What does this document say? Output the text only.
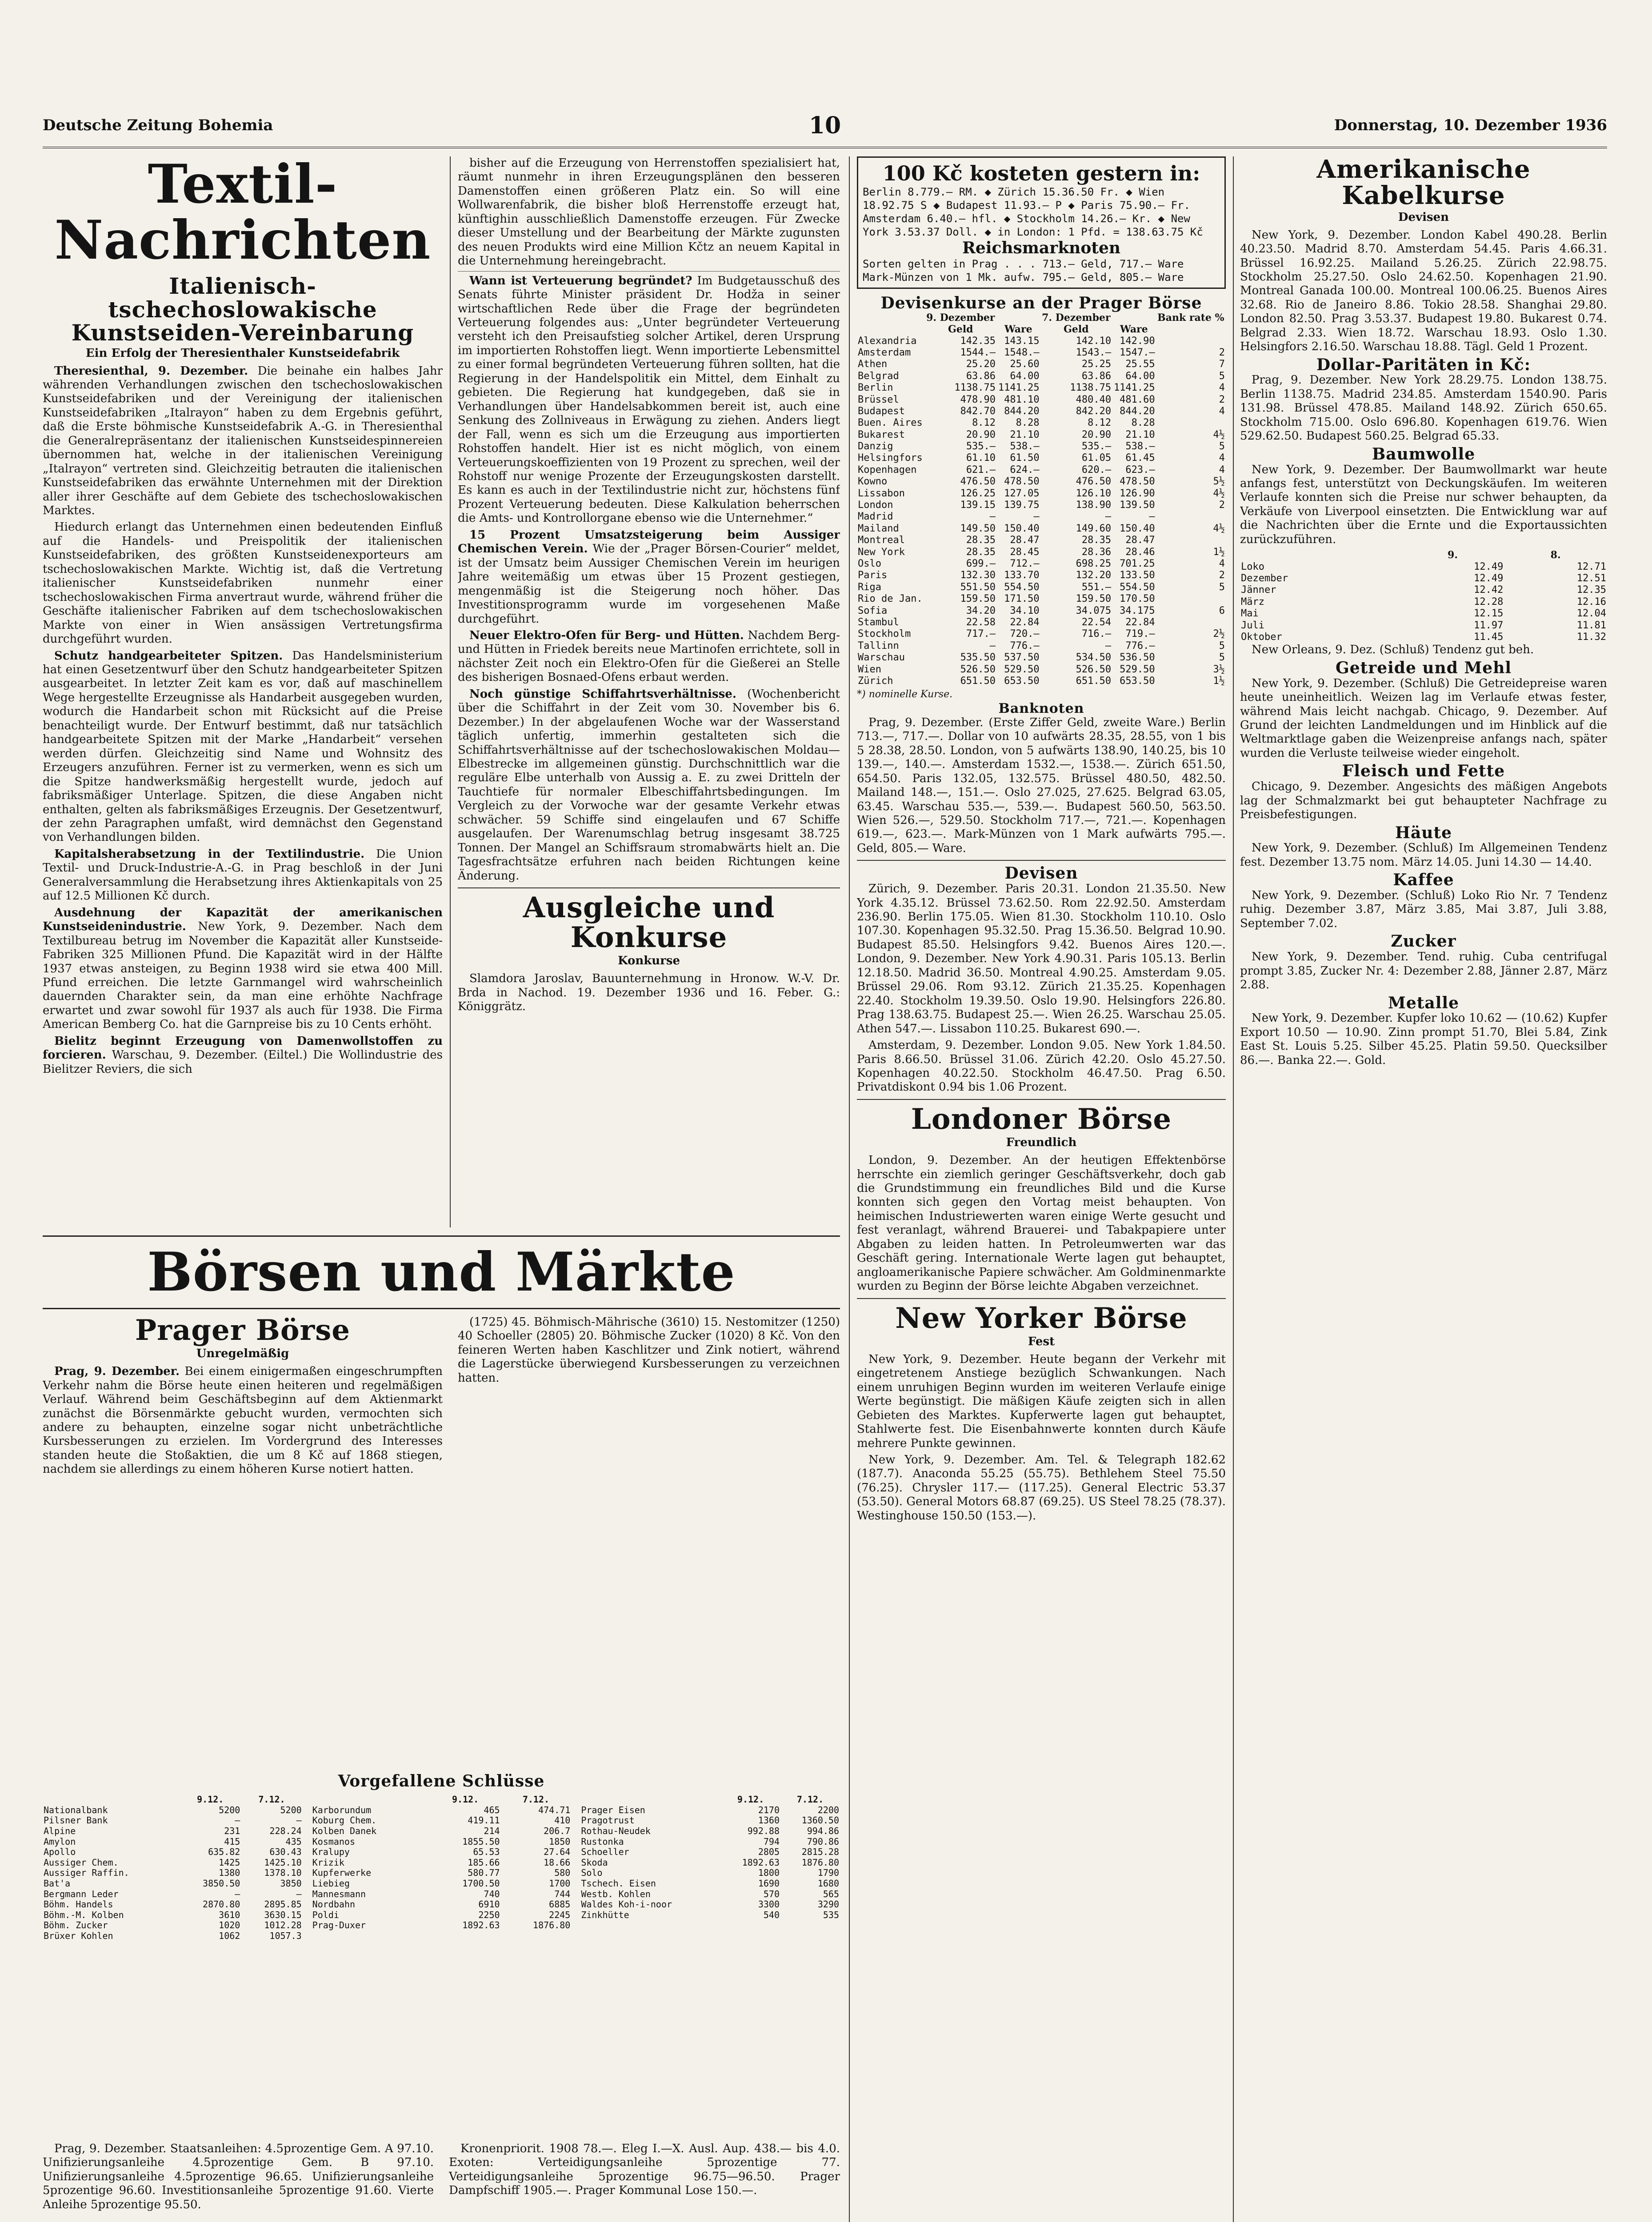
Deutsche Zeitung Bohemia	10	Donnerstag, 10. Dezember 1936
Textil-Nachrichten
Italienisch-tschechoslowakische Kunstseiden-Vereinbarung
Ein Erfolg der Theresienthaler Kunstseidefabrik

Theresienthal, 9. Dezember. Die beinahe ein halbes Jahr währenden Verhandlungen zwischen den tschechoslowakischen Kunstseidefabriken und der Vereinigung der italienischen Kunstseidefabriken „Italrayon“ haben zu dem Ergebnis geführt, daß die Erste böhmische Kunstseidefabrik A.-G. in Theresienthal die Generalrepräsentanz der italienischen Kunstseidespinnereien übernommen hat, welche in der italienischen Vereinigung „Italrayon“ vertreten sind. Gleichzeitig betrauten die italienischen Kunstseidefabriken das erwähnte Unternehmen mit der Direktion aller ihrer Geschäfte auf dem Gebiete des tschechoslowakischen Marktes.

Hiedurch erlangt das Unternehmen einen bedeutenden Einfluß auf die Handels- und Preispolitik der italienischen Kunstseidefabriken, des größten Kunstseidenexporteurs am tschechoslowakischen Markte. Wichtig ist, daß die Vertretung italienischer Kunstseidefabriken nunmehr einer tschechoslowakischen Firma anvertraut wurde, während früher die Geschäfte italienischer Fabriken auf dem tschechoslowakischen Markte von einer in Wien ansässigen Vertretungsfirma durchgeführt wurden.

Schutz handgearbeiteter Spitzen. Das Handelsministerium hat einen Gesetzentwurf über den Schutz handgearbeiteter Spitzen ausgearbeitet. In letzter Zeit kam es vor, daß auf maschinellem Wege hergestellte Erzeugnisse als Handarbeit ausgegeben wurden, wodurch die Handarbeit schon mit Rücksicht auf die Preise benachteiligt wurde. Der Entwurf bestimmt, daß nur tatsächlich handgearbeitete Spitzen mit der Marke „Handarbeit“ versehen werden dürfen. Gleichzeitig sind Name und Wohnsitz des Erzeugers anzuführen. Ferner ist zu vermerken, wenn es sich um die Spitze handwerksmäßig hergestellt wurde, jedoch auf fabriksmäßiger Unterlage. Spitzen, die diese Angaben nicht enthalten, gelten als fabriksmäßiges Erzeugnis. Der Gesetzentwurf, der zehn Paragraphen umfaßt, wird demnächst den Gegenstand von Verhandlungen bilden.

Kapitalsherabsetzung in der Textilindustrie. Die Union Textil- und Druck-Industrie-A.-G. in Prag beschloß in der Juni Generalversammlung die Herabsetzung ihres Aktienkapitals von 25 auf 12.5 Millionen Kč durch.

Ausdehnung der Kapazität der amerikanischen Kunstseidenindustrie. New York, 9. Dezember. Nach dem Textilbureau betrug im November die Kapazität aller Kunstseide-Fabriken 325 Millionen Pfund. Die Kapazität wird in der Hälfte 1937 etwas ansteigen, zu Beginn 1938 wird sie etwa 400 Mill. Pfund erreichen. Die letzte Garnmangel wird wahrscheinlich dauernden Charakter sein, da man eine erhöhte Nachfrage erwartet und zwar sowohl für 1937 als auch für 1938. Die Firma American Bemberg Co. hat die Garnpreise bis zu 10 Cents erhöht.

Bielitz beginnt Erzeugung von Damenwollstoffen zu forcieren. Warschau, 9. Dezember. (Eiltel.) Die Wollindustrie des Bielitzer Reviers, die sich

bisher auf die Erzeugung von Herrenstoffen spezialisiert hat, räumt nunmehr in ihren Erzeugungsplänen den besseren Damenstoffen einen größeren Platz ein. So will eine Wollwarenfabrik, die bisher bloß Herrenstoffe erzeugt hat, künftighin ausschließlich Damenstoffe erzeugen. Für Zwecke dieser Umstellung und der Bearbeitung der Märkte zugunsten des neuen Produkts wird eine Million Kčtz an neuem Kapital in die Unternehmung hereingebracht.

Wann ist Verteuerung begründet? Im Budgetausschuß des Senats führte Minister präsident Dr. Hodža in seiner wirtschaftlichen Rede über die Frage der begründeten Verteuerung folgendes aus: „Unter begründeter Verteuerung versteht ich den Preisaufstieg solcher Artikel, deren Ursprung im importierten Rohstoffen liegt. Wenn importierte Lebensmittel zu einer formal begründeten Verteuerung führen sollten, hat die Regierung in der Handelspolitik ein Mittel, dem Einhalt zu gebieten. Die Regierung hat kundgegeben, daß sie in Verhandlungen über Handelsabkommen bereit ist, auch eine Senkung des Zollniveaus in Erwägung zu ziehen. Anders liegt der Fall, wenn es sich um die Erzeugung aus importierten Rohstoffen handelt. Hier ist es nicht möglich, von einem Verteuerungskoeffizienten von 19 Prozent zu sprechen, weil der Rohstoff nur wenige Prozente der Erzeugungskosten darstellt. Es kann es auch in der Textilindustrie nicht zur, höchstens fünf Prozent Verteuerung bedeuten. Diese Kalkulation beherrschen die Amts- und Kontrollorgane ebenso wie die Unternehmer.“

15 Prozent Umsatzsteigerung beim Aussiger Chemischen Verein. Wie der „Prager Börsen-Courier“ meldet, ist der Umsatz beim Aussiger Chemischen Verein im heurigen Jahre weitemäßig um etwas über 15 Prozent gestiegen, mengenmäßig ist die Steigerung noch höher. Das Investitionsprogramm wurde im vorgesehenen Maße durchgeführt.

Neuer Elektro-Ofen für Berg- und Hütten. Nachdem Berg- und Hütten in Friedek bereits neue Martinofen errichtete, soll in nächster Zeit noch ein Elektro-Ofen für die Gießerei an Stelle des bisherigen Bosnaed-Ofens erbaut werden.

Noch günstige Schiffahrtsverhältnisse. (Wochenbericht über die Schiffahrt in der Zeit vom 30. November bis 6. Dezember.) In der abgelaufenen Woche war der Wasserstand täglich unfertig, immerhin gestalteten sich die Schiffahrtsverhältnisse auf der tschechoslowakischen Moldau—Elbestrecke im allgemeinen günstig. Durchschnittlich war die reguläre Elbe unterhalb von Aussig a. E. zu zwei Dritteln der Tauchtiefe für normaler Elbeschiffahrtsbedingungen. Im Vergleich zu der Vorwoche war der gesamte Verkehr etwas schwächer. 59 Schiffe sind eingelaufen und 67 Schiffe ausgelaufen. Der Warenumschlag betrug insgesamt 38.725 Tonnen. Der Mangel an Schiffsraum stromabwärts hielt an. Die Tagesfrachtsätze erfuhren nach beiden Richtungen keine Änderung.

Ausgleiche und Konkurse
Konkurse

Slamdora Jaroslav, Bauunternehmung in Hronow. W.-V. Dr. Brda in Nachod. 19. Dezember 1936 und 16. Feber. G.: Königgrätz.

Börsen und Märkte
Prager Börse
Unregelmäßig

Prag, 9. Dezember. Bei einem einigermaßen eingeschrumpften Verkehr nahm die Börse heute einen heiteren und regelmäßigen Verlauf. Während beim Geschäftsbeginn auf dem Aktienmarkt zunächst die Börsenmärkte gebucht wurden, vermochten sich andere zu behaupten, einzelne sogar nicht unbeträchtliche Kursbesserungen zu erzielen. Im Vordergrund des Interesses standen heute die Stoßaktien, die um 8 Kč auf 1868 stiegen, nachdem sie allerdings zu einem höheren Kurse notiert hatten.

(1725) 45. Böhmisch-Mährische (3610) 15. Nestomitzer (1250) 40 Schoeller (2805) 20. Böhmische Zucker (1020) 8 Kč. Von den feineren Werten haben Kaschlitzer und Zink notiert, während die Lagerstücke überwiegend Kursbesserungen zu verzeichnen hatten.

Vorgefallene Schlüsse
	9.12.	7.12.
Nationalbank	5200	5200
Pilsner Bank	—	—
Alpine	231	228.24
Amylon	415	435
Apollo	635.82	630.43
Aussiger Chem.	1425	1425.10
Aussiger Raffin.	1380	1378.10
Bat'a	3850.50	3850
Bergmann Leder	—	—
Böhm. Handels	2870.80	2895.85
Böhm.-M. Kolben	3610	3630.15
Böhm. Zucker	1020	1012.28
Brüxer Kohlen	1062	1057.3
	9.12.	7.12.
Karborundum	465	474.71
Koburg Chem.	419.11	410
Kolben Danek	214	206.7
Kosmanos	1855.50	1850
Kralupy	65.53	27.64
Krizik	185.66	18.66
Kupferwerke	580.77	580
Liebieg	1700.50	1700
Mannesmann	740	744
Nordbahn	6910	6885
Poldi	2250	2245
Prag-Duxer	1892.63	1876.80
	9.12.	7.12.
Prager Eisen	2170	2200
Pragotrust	1360	1360.50
Rothau-Neudek	992.88	994.86
Rustonka	794	790.86
Schoeller	2805	2815.28
Skoda	1892.63	1876.80
Solo	1800	1790
Tschech. Eisen	1690	1680
Westb. Kohlen	570	565
Waldes Koh-i-noor	3300	3290
Zinkhütte	540	535

Prag, 9. Dezember. Staatsanleihen: 4.5prozentige Gem. A 97.10. Unifizierungsanleihe 4.5prozentige Gem. B 97.10. Unifizierungsanleihe 4.5prozentige 96.65. Unifizierungsanleihe 5prozentige 96.60. Investitionsanleihe 5prozentige 91.60. Vierte Anleihe 5prozentige 95.50.

Kronenpriorit. 1908 78.—. Eleg I.—X. Ausl. Aup. 438.— bis 4.0. Exoten: Verteidigungsanleihe 5prozentige 77. Verteidigungsanleihe 5prozentige 96.75—96.50. Prager Dampfschiff 1905.—. Prager Kommunal Lose 150.—.

100 Kč kosteten gestern in:
Berlin 8.779.— RM. ◆ Zürich 15.36.50 Fr. ◆ Wien
18.92.75 S ◆ Budapest 11.93.— P ◆ Paris 75.90.— Fr.
Amsterdam 6.40.— hfl. ◆ Stockholm 14.26.— Kr. ◆ New
York 3.53.37 Doll. ◆ in London: 1 Pfd. = 138.63.75 Kč
Reichsmarknoten
Sorten gelten in Prag . . . 713.— Geld, 717.— Ware
Mark-Münzen von 1 Mk. aufw. 795.— Geld, 805.— Ware
Devisenkurse an der Prager Börse
	9. Dezember		7. Dezember		Bank rate %
	Geld	Ware	Geld	Ware	
Alexandria	142.35	143.15	142.10	142.90	
Amsterdam	1544.—	1548.—	1543.—	1547.—	2
Athen	25.20	25.60	25.25	25.55	7
Belgrad	63.86	64.00	63.86	64.00	5
Berlin	1138.75	1141.25	1138.75	1141.25	4
Brüssel	478.90	481.10	480.40	481.60	2
Budapest	842.70	844.20	842.20	844.20	4
Buen. Aires	8.12	8.28	8.12	8.28	
Bukarest	20.90	21.10	20.90	21.10	4½
Danzig	535.—	538.—	535.—	538.—	5
Helsingfors	61.10	61.50	61.05	61.45	4
Kopenhagen	621.—	624.—	620.—	623.—	4
Kowno	476.50	478.50	476.50	478.50	5½
Lissabon	126.25	127.05	126.10	126.90	4½
London	139.15	139.75	138.90	139.50	2
Madrid	—	—	—	—	
Mailand	149.50	150.40	149.60	150.40	4½
Montreal	28.35	28.47	28.35	28.47	
New York	28.35	28.45	28.36	28.46	1½
Oslo	699.—	712.—	698.25	701.25	4
Paris	132.30	133.70	132.20	133.50	2
Riga	551.50	554.50	551.—	554.50	5
Rio de Jan.	159.50	171.50	159.50	170.50	
Sofia	34.20	34.10	34.075	34.175	6
Stambul	22.58	22.84	22.54	22.84	
Stockholm	717.—	720.—	716.—	719.—	2½
Tallinn	—	776.—	—	776.—	5
Warschau	535.50	537.50	534.50	536.50	5
Wien	526.50	529.50	526.50	529.50	3½
Zürich	651.50	653.50	651.50	653.50	1½
*) nominelle Kurse.
Banknoten

Prag, 9. Dezember. (Erste Ziffer Geld, zweite Ware.) Berlin 713.—, 717.—. Dollar von 10 aufwärts 28.35, 28.55, von 1 bis 5 28.38, 28.50. London, von 5 aufwärts 138.90, 140.25, bis 10 139.—, 140.—. Amsterdam 1532.—, 1538.—. Zürich 651.50, 654.50. Paris 132.05, 132.575. Brüssel 480.50, 482.50. Mailand 148.—, 151.—. Oslo 27.025, 27.625. Belgrad 63.05, 63.45. Warschau 535.—, 539.—. Budapest 560.50, 563.50. Wien 526.—, 529.50. Stockholm 717.—, 721.—. Kopenhagen 619.—, 623.—. Mark-Münzen von 1 Mark aufwärts 795.—. Geld, 805.— Ware.

Devisen

Zürich, 9. Dezember. Paris 20.31. London 21.35.50. New York 4.35.12. Brüssel 73.62.50. Rom 22.92.50. Amsterdam 236.90. Berlin 175.05. Wien 81.30. Stockholm 110.10. Oslo 107.30. Kopenhagen 95.32.50. Prag 15.36.50. Belgrad 10.90. Budapest 85.50. Helsingfors 9.42. Buenos Aires 120.—. London, 9. Dezember. New York 4.90.31. Paris 105.13. Berlin 12.18.50. Madrid 36.50. Montreal 4.90.25. Amsterdam 9.05. Brüssel 29.06. Rom 93.12. Zürich 21.35.25. Kopenhagen 22.40. Stockholm 19.39.50. Oslo 19.90. Helsingfors 226.80. Prag 138.63.75. Budapest 25.—. Wien 26.25. Warschau 25.05. Athen 547.—. Lissabon 110.25. Bukarest 690.—.

Amsterdam, 9. Dezember. London 9.05. New York 1.84.50. Paris 8.66.50. Brüssel 31.06. Zürich 42.20. Oslo 45.27.50. Kopenhagen 40.22.50. Stockholm 46.47.50. Prag 6.50. Privatdiskont 0.94 bis 1.06 Prozent.

Londoner Börse
Freundlich

London, 9. Dezember. An der heutigen Effektenbörse herrschte ein ziemlich geringer Geschäftsverkehr, doch gab die Grundstimmung ein freundliches Bild und die Kurse konnten sich gegen den Vortag meist behaupten. Von heimischen Industriewerten waren einige Werte gesucht und fest veranlagt, während Brauerei- und Tabakpapiere unter Abgaben zu leiden hatten. In Petroleumwerten war das Geschäft gering. Internationale Werte lagen gut behauptet, angloamerikanische Papiere schwächer. Am Goldminenmarkte wurden zu Beginn der Börse leichte Abgaben verzeichnet.

New Yorker Börse
Fest

New York, 9. Dezember. Heute begann der Verkehr mit eingetretenem Anstiege bezüglich Schwankungen. Nach einem unruhigen Beginn wurden im weiteren Verlaufe einige Werte begünstigt. Die mäßigen Käufe zeigten sich in allen Gebieten des Marktes. Kupferwerte lagen gut behauptet, Stahlwerte fest. Die Eisenbahnwerte konnten durch Käufe mehrere Punkte gewinnen.

New York, 9. Dezember. Am. Tel. & Telegraph 182.62 (187.7). Anaconda 55.25 (55.75). Bethlehem Steel 75.50 (76.25). Chrysler 117.— (117.25). General Electric 53.37 (53.50). General Motors 68.87 (69.25). US Steel 78.25 (78.37). Westinghouse 150.50 (153.—).

Amerikanische Kabelkurse
Devisen

New York, 9. Dezember. London Kabel 490.28. Berlin 40.23.50. Madrid 8.70. Amsterdam 54.45. Paris 4.66.31. Brüssel 16.92.25. Mailand 5.26.25. Zürich 22.98.75. Stockholm 25.27.50. Oslo 24.62.50. Kopenhagen 21.90. Montreal Ganada 100.00. Montreal 100.06.25. Buenos Aires 32.68. Rio de Janeiro 8.86. Tokio 28.58. Shanghai 29.80. London 82.50. Prag 3.53.37. Budapest 19.80. Bukarest 0.74. Belgrad 2.33. Wien 18.72. Warschau 18.93. Oslo 1.30. Helsingfors 2.16.50. Warschau 18.88. Tägl. Geld 1 Prozent.

Dollar-Paritäten in Kč:

Prag, 9. Dezember. New York 28.29.75. London 138.75. Berlin 1138.75. Madrid 234.85. Amsterdam 1540.90. Paris 131.98. Brüssel 478.85. Mailand 148.92. Zürich 650.65. Stockholm 715.00. Oslo 696.80. Kopenhagen 619.76. Wien 529.62.50. Budapest 560.25. Belgrad 65.33.

Baumwolle

New York, 9. Dezember. Der Baumwollmarkt war heute anfangs fest, unterstützt von Deckungskäufen. Im weiteren Verlaufe konnten sich die Preise nur schwer behaupten, da Verkäufe von Liverpool einsetzten. Die Entwicklung war auf die Nachrichten über die Ernte und die Exportaussichten zurückzuführen.

	9.	8.
Loko	12.49	12.71
Dezember	12.49	12.51
Jänner	12.42	12.35
März	12.28	12.16
Mai	12.15	12.04
Juli	11.97	11.81
Oktober	11.45	11.32

New Orleans, 9. Dez. (Schluß) Tendenz gut beh.

Getreide und Mehl

New York, 9. Dezember. (Schluß) Die Getreidepreise waren heute uneinheitlich. Weizen lag im Verlaufe etwas fester, während Mais leicht nachgab. Chicago, 9. Dezember. Auf Grund der leichten Landmeldungen und im Hinblick auf die Weltmarktlage gaben die Weizenpreise anfangs nach, später wurden die Verluste teilweise wieder eingeholt.

Fleisch und Fette

Chicago, 9. Dezember. Angesichts des mäßigen Angebots lag der Schmalzmarkt bei gut behaupteter Nachfrage zu Preisbefestigungen.

Häute

New York, 9. Dezember. (Schluß) Im Allgemeinen Tendenz fest. Dezember 13.75 nom. März 14.05. Juni 14.30 — 14.40.

Kaffee

New York, 9. Dezember. (Schluß) Loko Rio Nr. 7 Tendenz ruhig. Dezember 3.87, März 3.85, Mai 3.87, Juli 3.88, September 7.02.

Zucker

New York, 9. Dezember. Tend. ruhig. Cuba centrifugal prompt 3.85, Zucker Nr. 4: Dezember 2.88, Jänner 2.87, März 2.88.

Metalle

New York, 9. Dezember. Kupfer loko 10.62 — (10.62) Kupfer Export 10.50 — 10.90. Zinn prompt 51.70, Blei 5.84, Zink East St. Louis 5.25. Silber 45.25. Platin 59.50. Quecksilber 86.—. Banka 22.—. Gold.
